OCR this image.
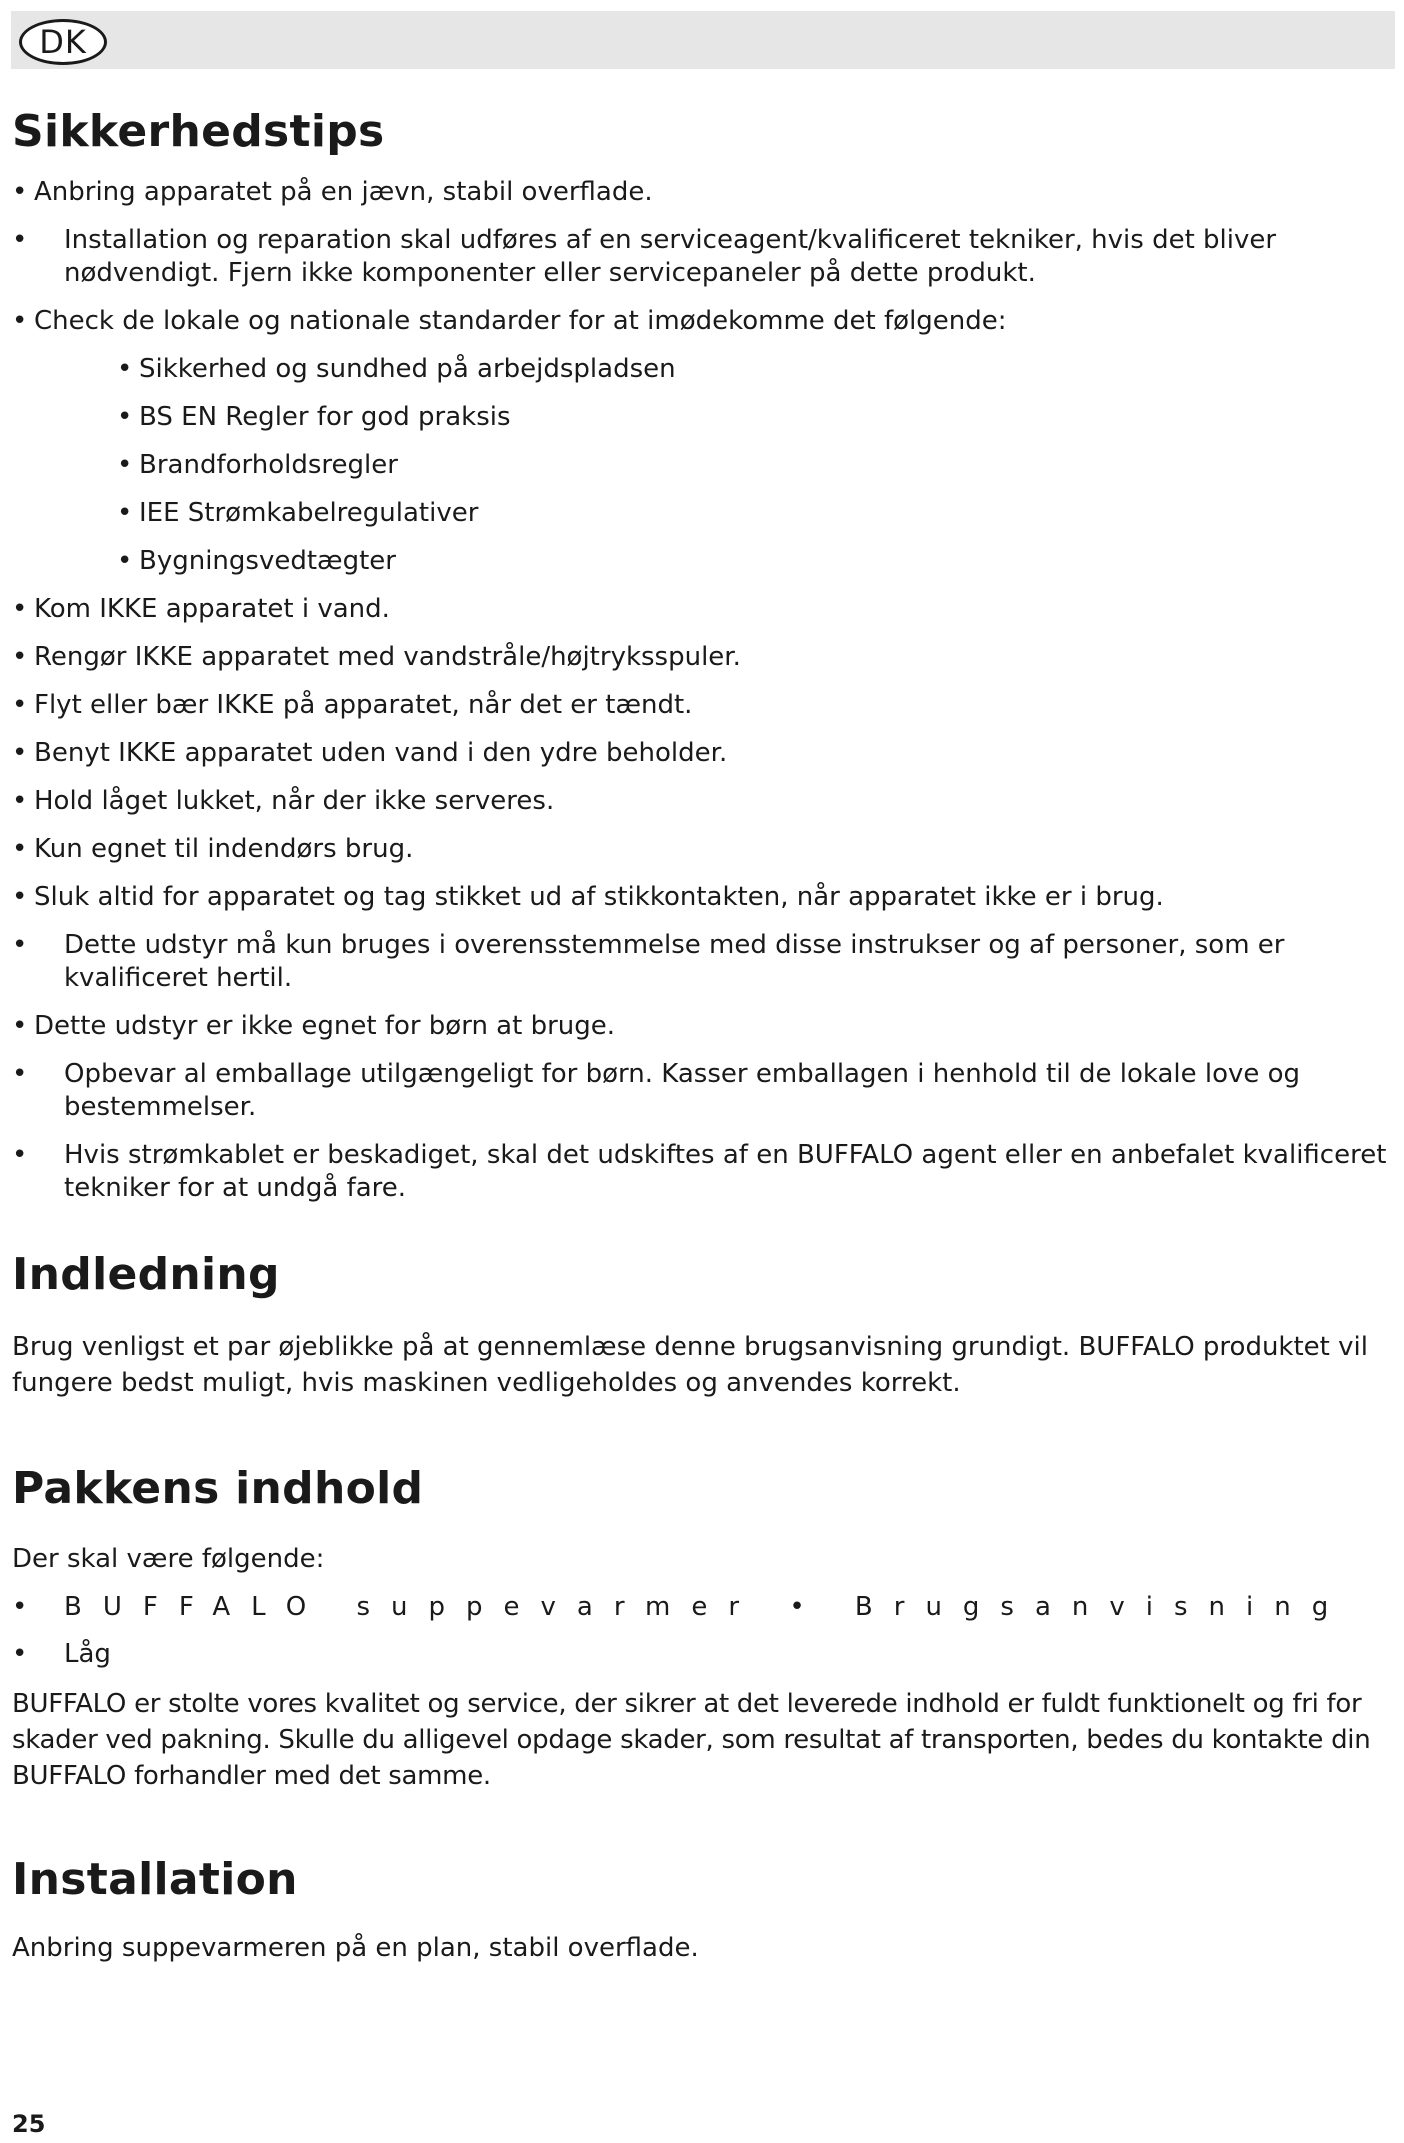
DK
Sikkerhedstips
• Anbring apparatet på en jævn, stabil overflade.
• Installation og reparation skal udføres af en serviceagent/kvalificeret tekniker, hvis det bliver nødvendigt. Fjern ikke komponenter eller servicepaneler på dette produkt.
• Check de lokale og nationale standarder for at imødekomme det følgende:
• Sikkerhed og sundhed på arbejdspladsen
• BS EN Regler for god praksis
• Brandforholdsregler
• IEE Strømkabelregulativer
• Bygningsvedtægter
• Kom IKKE apparatet i vand.
• Rengør IKKE apparatet med vandstråle/højtryksspuler.
• Flyt eller bær IKKE på apparatet, når det er tændt.
• Benyt IKKE apparatet uden vand i den ydre beholder.
• Hold låget lukket, når der ikke serveres.
• Kun egnet til indendørs brug.
• Sluk altid for apparatet og tag stikket ud af stikkontakten, når apparatet ikke er i brug.
• Dette udstyr må kun bruges i overensstemmelse med disse instrukser og af personer, som er kvalificeret hertil.
• Dette udstyr er ikke egnet for børn at bruge.
• Opbevar al emballage utilgængeligt for børn. Kasser emballagen i henhold til de lokale love og bestemmelser.
• Hvis strømkablet er beskadiget, skal det udskiftes af en BUFFALO agent eller en anbefalet kvalificeret tekniker for at undgå fare.
Indledning

Brug venligst et par øjeblikke på at gennemlæse denne brugsanvisning grundigt. BUFFALO produktet vil fungere bedst muligt, hvis maskinen vedligeholdes og anvendes korrekt.

Pakkens indhold

Der skal være følgende:

• BUFFALO suppevarmer • Brugsanvisning
• Låg

BUFFALO er stolte vores kvalitet og service, der sikrer at det leverede indhold er fuldt funktionelt og fri for skader ved pakning. Skulle du alligevel opdage skader, som resultat af transporten, bedes du kontakte din BUFFALO forhandler med det samme.

Installation

Anbring suppevarmeren på en plan, stabil overflade.

25
